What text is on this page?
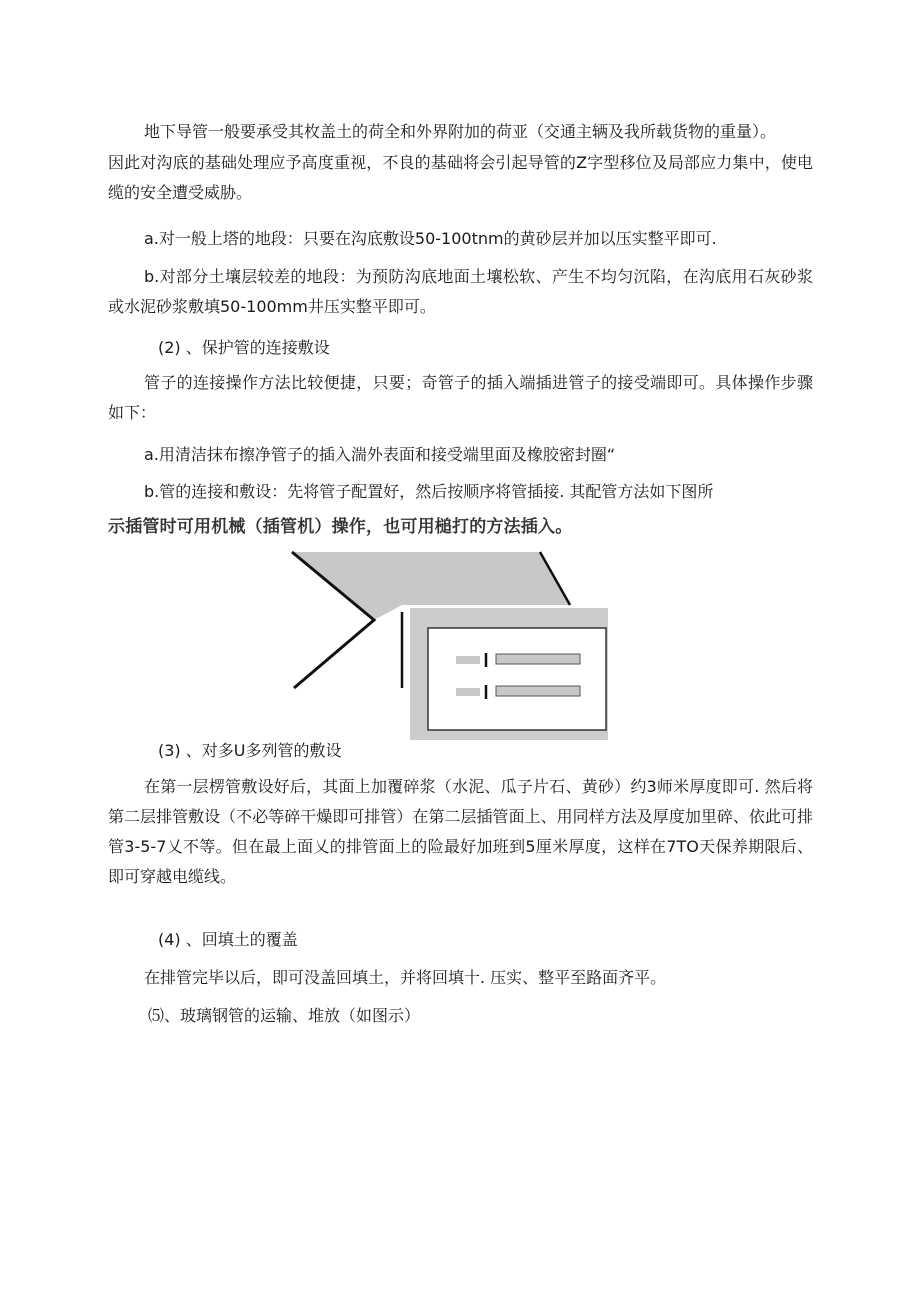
地下导管一般要承受其枚盖土的荷全和外界附加的荷亚（交通主辆及我所载货物的重量）。

因此对沟底的基础处理应予高度重视，不良的基础将会引起导管的Z字型移位及局部应力集中，使电缆的安全遭受威胁。

a.对一般上塔的地段：只要在沟底敷设50-100tnm的黄砂层并加以压实整平即可.

b.对部分土壤层较差的地段：为预防沟底地面土壤松软、产生不均匀沉陷，在沟底用石灰砂浆或水泥砂浆敷填50-100mm井压实整平即可。

(2) 、保护管的连接敷设

管子的连接操作方法比较便捷，只要；奇管子的插入端插进管子的接受端即可。具体操作步骤如下：

a.用清洁抹布擦净管子的插入湍外表面和接受端里面及橡胶密封圈“

b.管的连接和敷设：先将管子配置好，然后按顺序将管插接. 其配管方法如下图所

示插管时可用机械（插管机）操作，也可用槌打的方法插入。

(3) 、对多U多列管的敷设

在第一层楞管敷设好后，其面上加覆碎浆（水泥、瓜子片石、黄砂）约3师米厚度即可. 然后将第二层排管敷设（不必等碎干燥即可排管）在第二层插管面上、用同样方法及厚度加里碎、依此可排管3-5-7乂不等。但在最上面乂的排管面上的险最好加班到5厘米厚度，这样在7TO天保养期限后、即可穿越电缆线。

(4) 、回填土的覆盖

在排管完毕以后，即可没盖回填土，并将回填十. 压实、整平至路面齐平。

⑸、玻璃钢管的运输、堆放（如图示）
